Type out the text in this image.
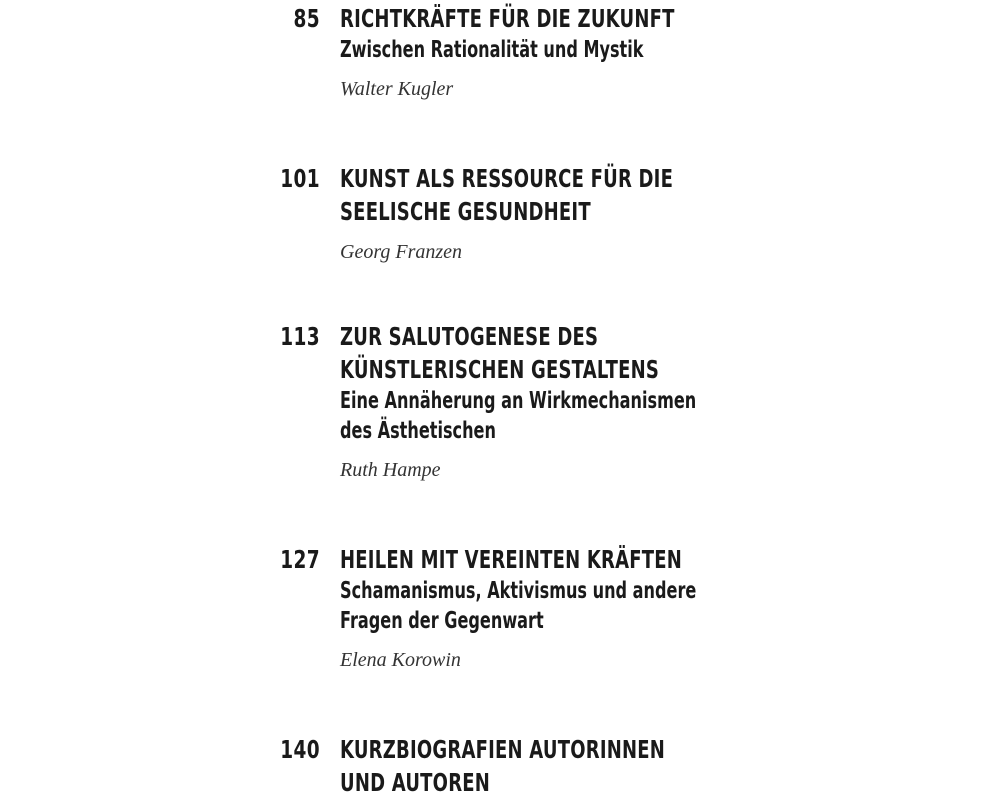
85 RICHTKRÄFTE FÜR DIE ZUKUNFT
Zwischen Rationalität und Mystik
Walter Kugler
101 KUNST ALS RESSOURCE FÜR DIE
SEELISCHE GESUNDHEIT
Georg Franzen
113 ZUR SALUTOGENESE DES
KÜNSTLERISCHEN GESTALTENS
Eine Annäherung an Wirkmechanismen
des Ästhetischen
Ruth Hampe
127 HEILEN MIT VEREINTEN KRÄFTEN
Schamanismus, Aktivismus und andere
Fragen der Gegenwart
Elena Korowin
140 KURZBIOGRAFIEN AUTORINNEN
UND AUTOREN
